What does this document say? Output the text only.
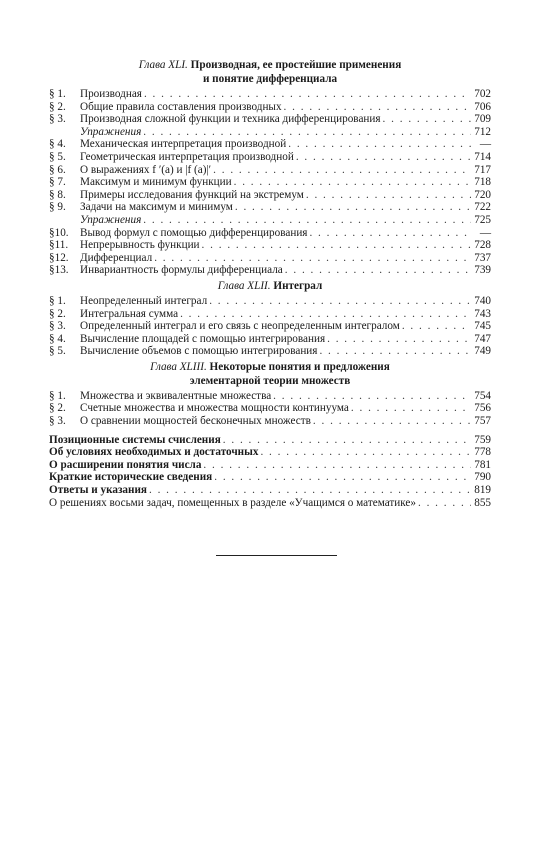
Глава XLI. Производная, ее простейшие применения
и понятие дифференциала
§ 1.	Производная . . .	702
§ 2.	Общие правила составления производных . . .	706
§ 3.	Производная сложной функции и техника дифференцирования . . .	709
Упражнения . . .	712
§ 4.	Механическая интерпретация производной . . .	—
§ 5.	Геометрическая интерпретация производной . . .	714
§ 6.	О выражениях f ′(a) и |f (a)|′ . . .	717
§ 7.	Максимум и минимум функции . . .	718
§ 8.	Примеры исследования функций на экстремум . . .	720
§ 9.	Задачи на максимум и минимум . . .	722
Упражнения . . .	725
§10.	Вывод формул с помощью дифференцирования . . .	—
§11.	Непрерывность функции . . .	728
§12.	Дифференциал . . .	737
§13.	Инвариантность формулы дифференциала . . .	739
Глава XLII. Интеграл
§ 1.	Неопределенный интеграл . . .	740
§ 2.	Интегральная сумма . . .	743
§ 3.	Определенный интеграл и его связь с неопределенным интегралом . . .	745
§ 4.	Вычисление площадей с помощью интегрирования . . .	747
§ 5.	Вычисление объемов с помощью интегрирования . . .	749
Глава XLIII. Некоторые понятия и предложения
элементарной теории множеств
§ 1.	Множества и эквивалентные множества . . .	754
§ 2.	Счетные множества и множества мощности континуума . . .	756
§ 3.	О сравнении мощностей бесконечных множеств . . .	757
Позиционные системы счисления . . .	759
Об условиях необходимых и достаточных . . .	778
О расширении понятия числа . . .	781
Краткие исторические сведения . . .	790
Ответы и указания . . .	819
О решениях восьми задач, помещенных в разделе «Учащимся о математике» . . .	855
